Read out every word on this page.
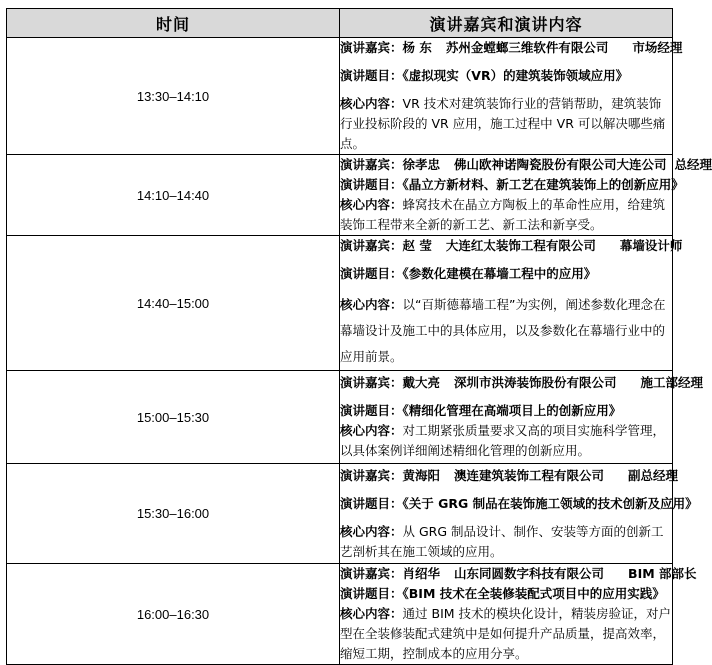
时间	演讲嘉宾和演讲内容
13:30–14:10	演讲嘉宾：杨 东 苏州金螳螂三维软件有限公司 市场经理
演讲题目：《虚拟现实（VR）的建筑装饰领域应用》
核心内容：VR 技术对建筑装饰行业的营销帮助，建筑装饰行业投标阶段的 VR 应用，施工过程中 VR 可以解决哪些痛点。

14:10–14:40	演讲嘉宾：徐孝忠 佛山欧神诺陶瓷股份有限公司大连公司 总经理
演讲题目：《晶立方新材料、新工艺在建筑装饰上的创新应用》
核心内容：蜂窝技术在晶立方陶板上的革命性应用，给建筑装饰工程带来全新的新工艺、新工法和新享受。

14:40–15:00	演讲嘉宾：赵 莹 大连红太装饰工程有限公司 幕墙设计师
演讲题目：《参数化建模在幕墙工程中的应用》
核心内容：以“百斯德幕墙工程”为实例，阐述参数化理念在幕墙设计及施工中的具体应用，以及参数化在幕墙行业中的应用前景。

15:00–15:30	演讲嘉宾：戴大亮 深圳市洪涛装饰股份有限公司 施工部经理
演讲题目：《精细化管理在高端项目上的创新应用》
核心内容：对工期紧张质量要求又高的项目实施科学管理，以具体案例详细阐述精细化管理的创新应用。

15:30–16:00	演讲嘉宾：黄海阳 澳连建筑装饰工程有限公司 副总经理
演讲题目：《关于 GRG 制品在装饰施工领域的技术创新及应用》
核心内容：从 GRG 制品设计、制作、安装等方面的创新工艺剖析其在施工领域的应用。

16:00–16:30	演讲嘉宾：肖绍华 山东同圆数字科技有限公司 BIM 部部长
演讲题目：《BIM 技术在全装修装配式项目中的应用实践》
核心内容：通过 BIM 技术的模块化设计，精装房验证，对户型在全装修装配式建筑中是如何提升产品质量，提高效率，缩短工期，控制成本的应用分享。
